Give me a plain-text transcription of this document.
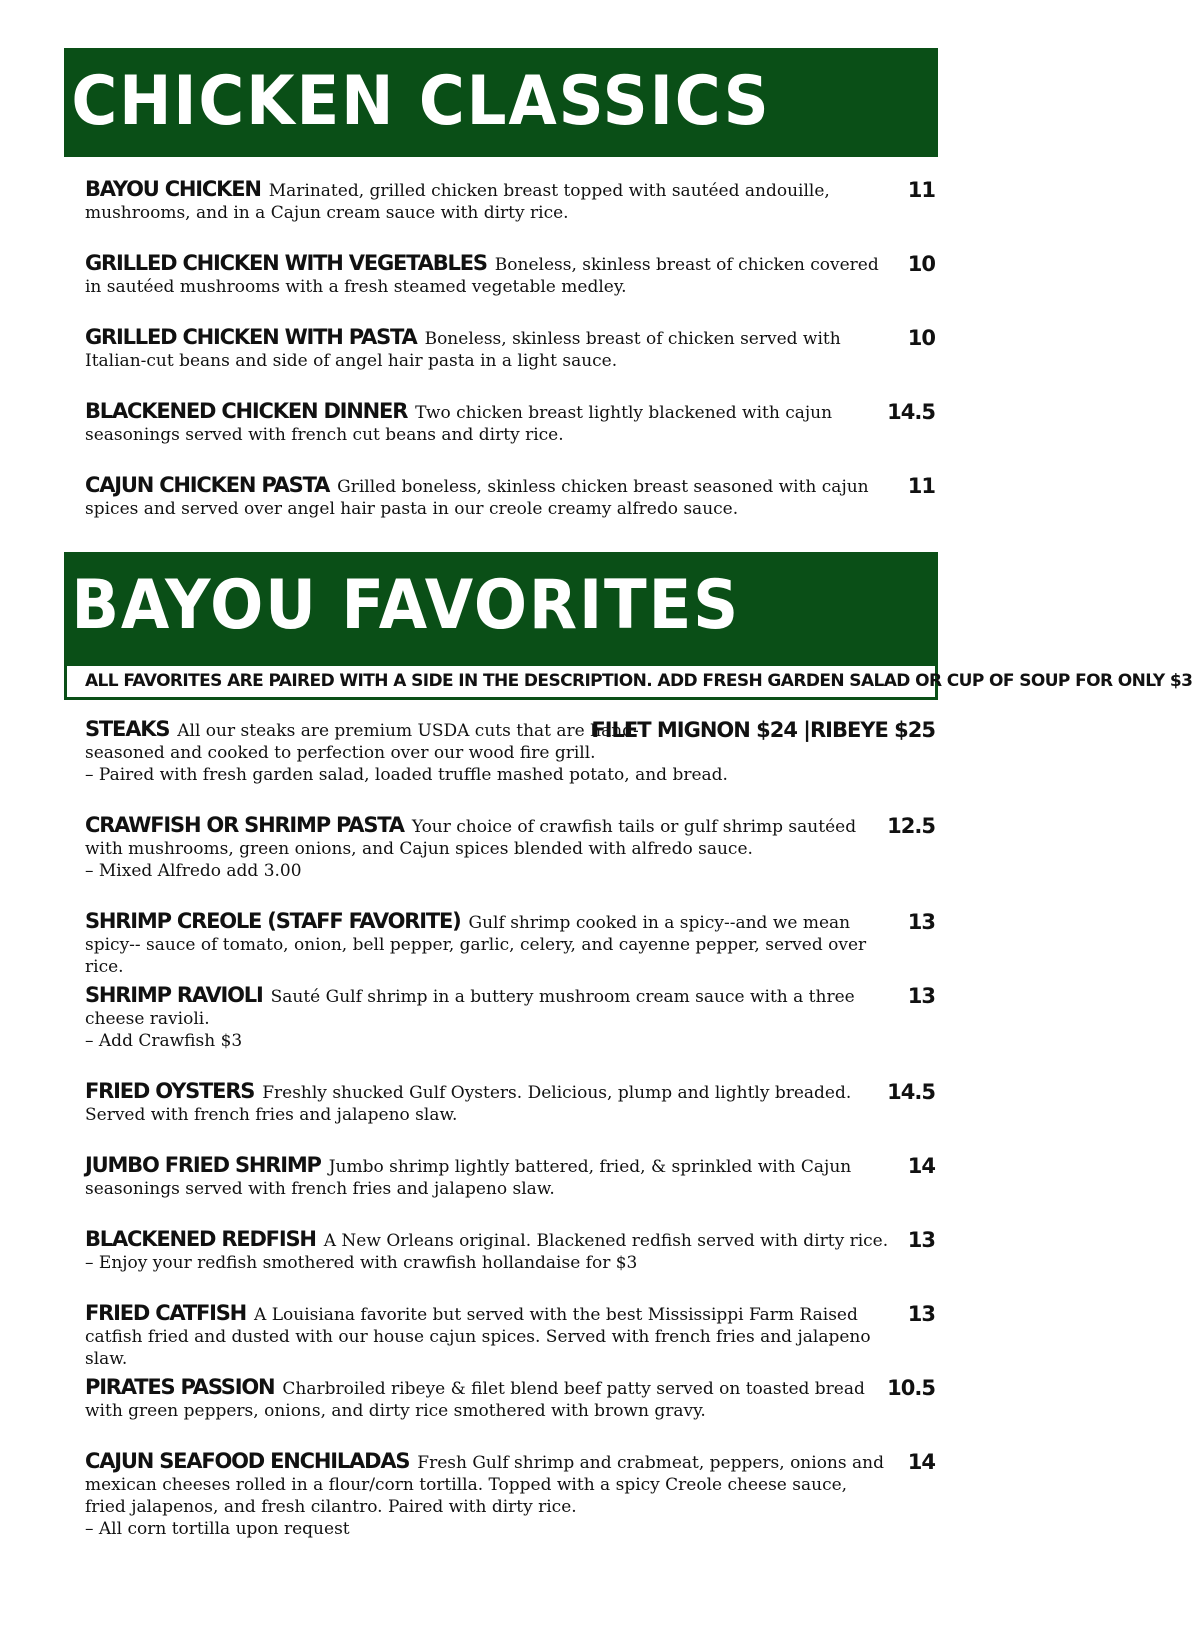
CHICKEN CLASSICS
BAYOU CHICKEN Marinated, grilled chicken breast topped with sautéed andouille, mushrooms, and in a Cajun cream sauce with dirty rice.
11
GRILLED CHICKEN WITH VEGETABLES Boneless, skinless breast of chicken covered in sautéed mushrooms with a fresh steamed vegetable medley.
10
GRILLED CHICKEN WITH PASTA Boneless, skinless breast of chicken served with Italian-cut beans and side of angel hair pasta in a light sauce.
10
BLACKENED CHICKEN DINNER Two chicken breast lightly blackened with cajun seasonings served with french cut beans and dirty rice.
14.5
CAJUN CHICKEN PASTA Grilled boneless, skinless chicken breast seasoned with cajun spices and served over angel hair pasta in our creole creamy alfredo sauce.
11
BAYOU FAVORITES
ALL FAVORITES ARE PAIRED WITH A SIDE IN THE DESCRIPTION. ADD FRESH GARDEN SALAD OR CUP OF SOUP FOR ONLY $3
STEAKS All our steaks are premium USDA cuts that are hand-seasoned and cooked to perfection over our wood fire grill.
– Paired with fresh garden salad, loaded truffle mashed potato, and bread.
FILET MIGNON $24 |RIBEYE $25
CRAWFISH OR SHRIMP PASTA Your choice of crawfish tails or gulf shrimp sautéed with mushrooms, green onions, and Cajun spices blended with alfredo sauce.
– Mixed Alfredo add 3.00
12.5
SHRIMP CREOLE (STAFF FAVORITE) Gulf shrimp cooked in a spicy--and we mean spicy-- sauce of tomato, onion, bell pepper, garlic, celery, and cayenne pepper, served over rice.
13
SHRIMP RAVIOLI Sauté Gulf shrimp in a buttery mushroom cream sauce with a three cheese ravioli.
– Add Crawfish $3
13
FRIED OYSTERS Freshly shucked Gulf Oysters. Delicious, plump and lightly breaded. Served with french fries and jalapeno slaw.
14.5
JUMBO FRIED SHRIMP Jumbo shrimp lightly battered, fried, & sprinkled with Cajun seasonings served with french fries and jalapeno slaw.
14
BLACKENED REDFISH A New Orleans original. Blackened redfish served with dirty rice.
– Enjoy your redfish smothered with crawfish hollandaise for $3
13
FRIED CATFISH A Louisiana favorite but served with the best Mississippi Farm Raised catfish fried and dusted with our house cajun spices. Served with french fries and jalapeno slaw.
13
PIRATES PASSION Charbroiled ribeye & filet blend beef patty served on toasted bread with green peppers, onions, and dirty rice smothered with brown gravy.
10.5
CAJUN SEAFOOD ENCHILADAS Fresh Gulf shrimp and crabmeat, peppers, onions and mexican cheeses rolled in a flour/corn tortilla. Topped with a spicy Creole cheese sauce, fried jalapenos, and fresh cilantro. Paired with dirty rice.
– All corn tortilla upon request
14
